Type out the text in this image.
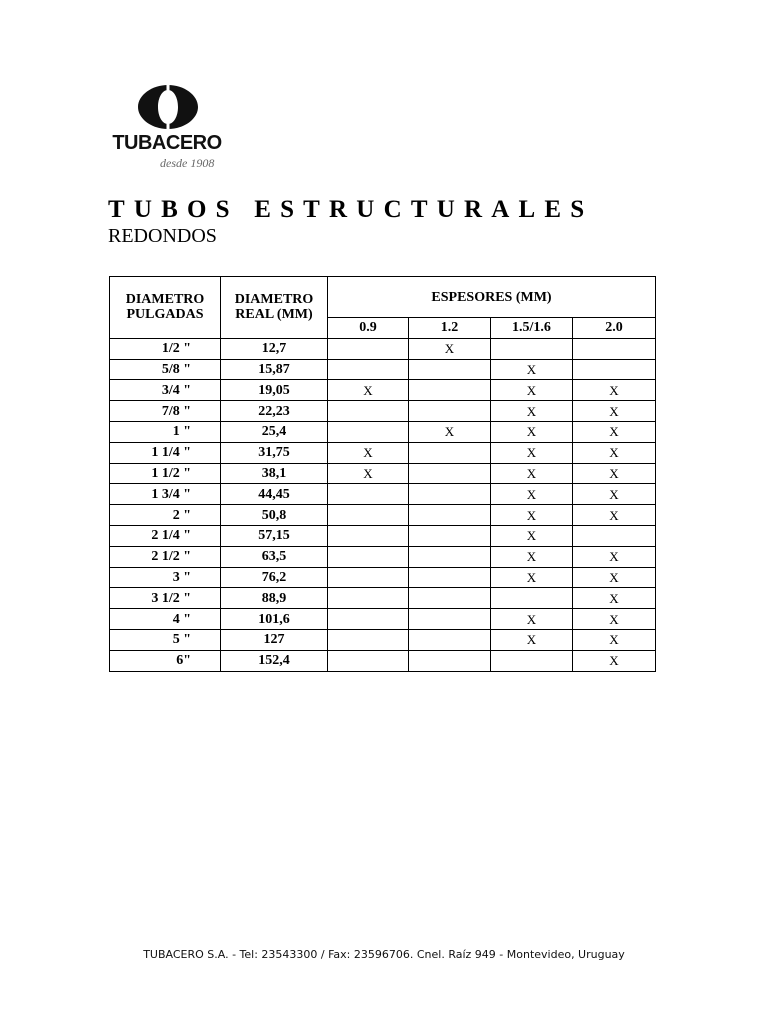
TUBACERO
desde 1908
TUBOS ESTRUCTURALES
REDONDOS
DIAMETRO PULGADAS	DIAMETRO REAL (MM)	ESPESORES (MM)			
		0.9	1.2	1.5/1.6	2.0
1/2 "	12,7		X		
5/8 "	15,87			X	
3/4 "	19,05	X		X	X
7/8 "	22,23			X	X
1 "	25,4		X	X	X
1 1/4 "	31,75	X		X	X
1 1/2 "	38,1	X		X	X
1 3/4 "	44,45			X	X
2 "	50,8			X	X
2 1/4 "	57,15			X	
2 1/2 "	63,5			X	X
3 "	76,2			X	X
3 1/2 "	88,9				X
4 "	101,6			X	X
5 "	127			X	X
6"	152,4				X
TUBACERO S.A. - Tel: 23543300 / Fax: 23596706. Cnel. Raíz 949 - Montevideo, Uruguay
